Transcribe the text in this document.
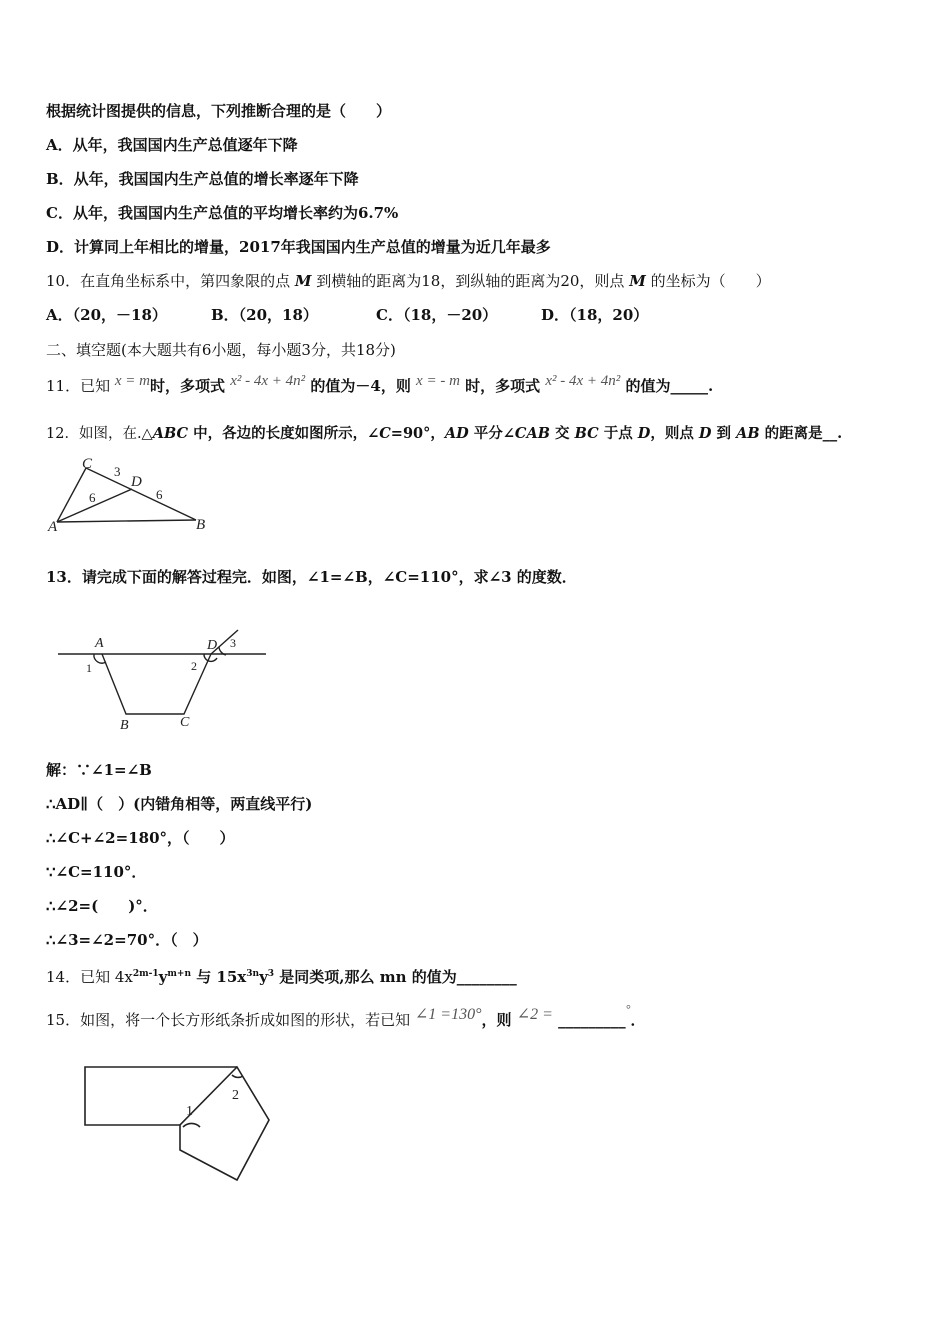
根据统计图提供的信息，下列推断合理的是（　　）
A．从年，我国国内生产总值逐年下降
B．从年，我国国内生产总值的增长率逐年下降
C．从年，我国国内生产总值的平均增长率约为6.7%
D．计算同上年相比的增量，2017年我国国内生产总值的增量为近几年最多
10．在直角坐标系中，第四象限的点 M 到横轴的距离为18，到纵轴的距离为20，则点 M 的坐标为（　　）
A．（20，－18）	B．（20，18）	C．（18，－20）	D．（18，20）
二、填空题(本大题共有6小题，每小题3分，共18分)
11．已知 x = m时，多项式 x² - 4x + 4n² 的值为－4，则 x = - m 时，多项式 x² - 4x + 4n² 的值为_____.
12．如图，在.△ABC 中，各边的长度如图所示，∠C=90°，AD 平分∠CAB 交 BC 于点 D，则点 D 到 AB 的距离是__.
C
D
A	B
3
6	6
13．请完成下面的解答过程完．如图，∠1=∠B，∠C=110°，求∠3 的度数．
A	D
B	C
1	2
3
解：∵∠1=∠B
∴AD∥（　）(内错角相等，两直线平行)
∴∠C+∠2=180°，（　　）
∵∠C=110°．
∴∠2=(　　)°．
∴∠3=∠2=70°．（　）
14．已知 $4x^{2m-1}y^{m+n}$ 与 $15x^{3n}y^3$ 是同类项,那么 mn 的值为________
15．如图，将一个长方形纸条折成如图的形状，若已知 ∠1 =130°，则 ∠2 = _________°．
1
2
